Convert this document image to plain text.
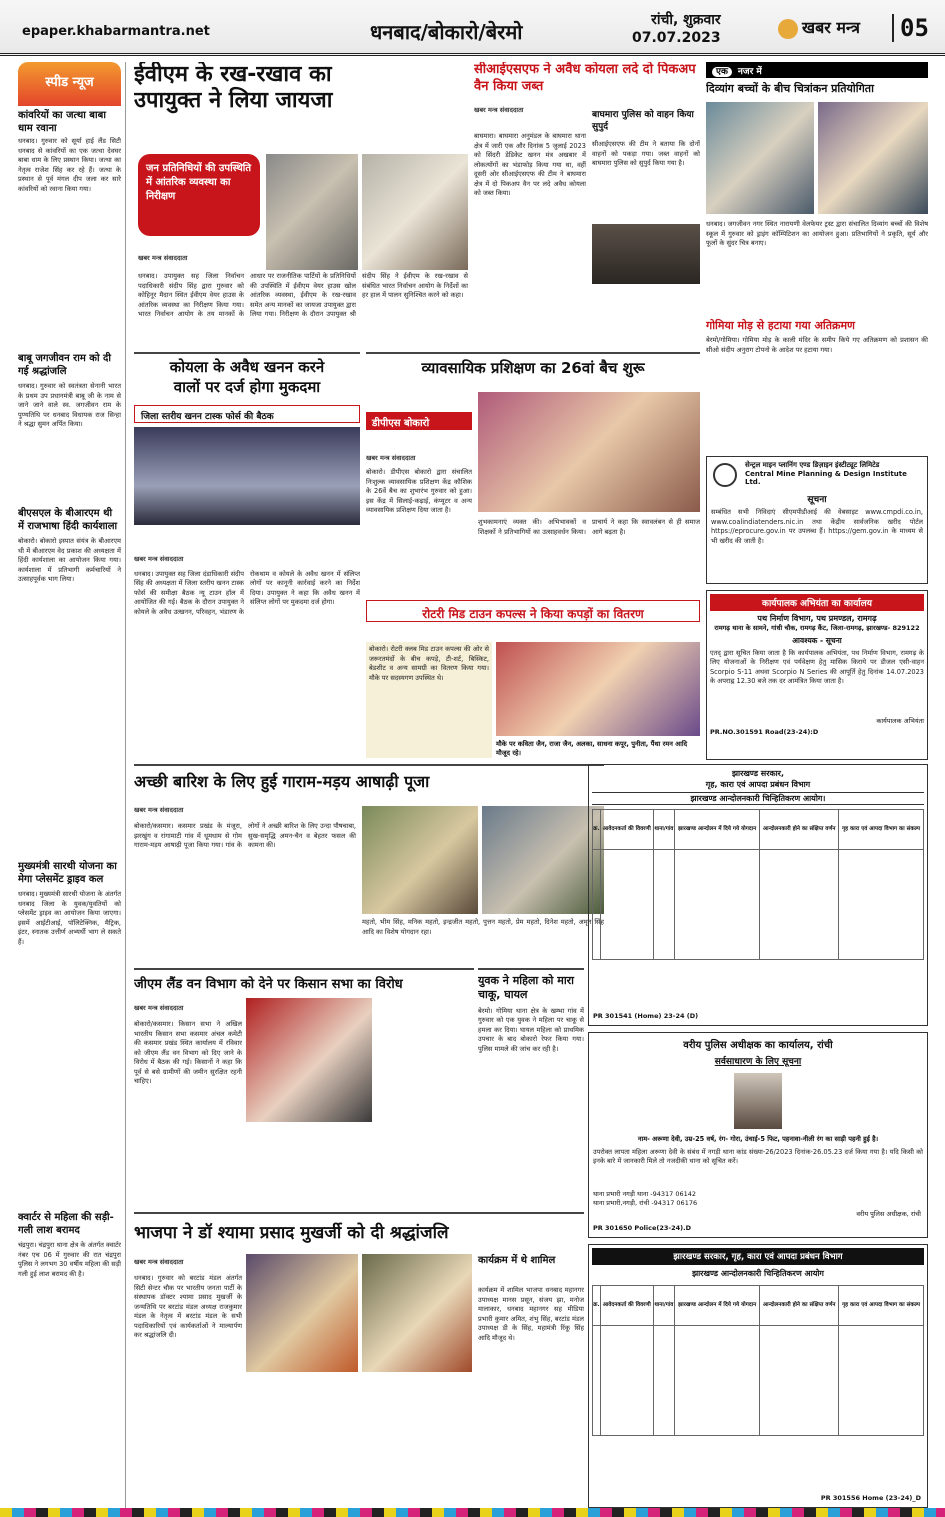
epaper.khabarmantra.net	धनबाद/बोकारो/बेरमो	रांची, शुक्रवार
07.07.2023
खबर मन्त्र	05
स्पीड न्यूज
कांवरियों का जत्था बाबा धाम रवाना
धनबाद। गुरुवार को सूर्या हाई लैंड सिटी धनबाद से कांवरियों का एक जत्था देवघर बाबा धाम के लिए प्रस्थान किया। जत्था का नेतृत्व राजेश सिंह कर रहे हैं। जत्था के प्रस्थान से पूर्व मंगल दीप जला कर सारे कांवरियों को रवाना किया गया।
बाबू जगजीवन राम को दी गई श्रद्धांजलि
धनबाद। गुरुवार को स्वतंत्रता सेनानी भारत के प्रथम उप प्रधानमंत्री बाबू जी के नाम से जाने जाने वाले स्व. जगजीवन राम के पुण्यतिथि पर धनबाद विधायक राज सिन्हा ने श्रद्धा सुमन अर्पित किया।
बीएसएल के बीआरएम थी में राजभाषा हिंदी कार्यशाला
बोकारो। बोकारो इस्पात संयंत्र के बीआरएम थी में बीआरएम वेद प्रकाश की अध्यक्षता में हिंदी कार्यशाला का आयोजन किया गया। कार्यशाला में प्रतिभागी कर्मचारियों ने उत्साहपूर्वक भाग लिया।
मुख्यमंत्री सारथी योजना का मेगा प्लेसमेंट ड्राइव कल
धनबाद। मुख्यमंत्री सारथी योजना के अंतर्गत धनबाद जिला के युवक/युवतियों को प्लेसमेंट ड्राइव का आयोजन किया जाएगा। इसमें आईटीआई, पॉलिटेक्निक, मैट्रिक, इंटर, स्नातक उत्तीर्ण अभ्यर्थी भाग ले सकते हैं।
क्वार्टर से महिला की सड़ी-गली लाश बरामद
चंद्रपुरा। चंद्रपुरा थाना क्षेत्र के अंतर्गत क्वार्टर नंबर एच 06 में गुरुवार की रात चंद्रपुरा पुलिस ने लगभग 30 वर्षीय महिला की सड़ी गली हुई लाश बरामद की है।
ईवीएम के रख-रखाव का
उपायुक्त ने लिया जायजा
जन प्रतिनिधियों की उपस्थिति में आंतरिक व्यवस्था का निरीक्षण
खबर मन्त्र संवाददाता
धनबाद। उपायुक्त सह जिला निर्वाचन पदाधिकारी संदीप सिंह द्वारा गुरुवार को कोहिनूर मैदान स्थित ईवीएम वेयर हाउस के आंतरिक व्यवस्था का निरीक्षण किया गया। भारत निर्वाचन आयोग के तय मानकों के आधार पर राजनीतिक पार्टियों के प्रतिनिधियों की उपस्थिति में ईवीएम वेयर हाउस खोल आंतरिक व्यवस्था, ईवीएम के रख-रखाव समेत अन्य मानकों का जायजा उपायुक्त द्वारा लिया गया। निरीक्षण के दौरान उपायुक्त श्री संदीप सिंह ने ईवीएम के रख-रखाव से संबंधित भारत निर्वाचन आयोग के निर्देशों का हर हाल में पालन सुनिश्चित करने को कहा।
सीआईएसएफ ने अवैध कोयला लदे दो पिकअप वैन किया जब्त
खबर मन्त्र संवाददाता
बाघमारा। बाघमारा अनुमंडल के बाघमारा थाना क्षेत्र में जारी एक और दिनांक 5 जुलाई 2023 को सिंदरी डेडिकेट खनन मंत्र अखबार में लोकत्योंगों का भंडाफोड़ किया गया था, वहीं दूसरी ओर सीआईएसएफ की टीम ने बाघमारा क्षेत्र में दो पिकअप वैन पर लदे अवैध कोयला को जब्त किया।
बाघमारा पुलिस को वाहन किया सुपुर्द
सीआईएसएफ की टीम ने बताया कि दोनों वाहनों को पकड़ा गया। जब्त वाहनों को बाघमारा पुलिस को सुपुर्द किया गया है।
एक नजर में
दिव्यांग बच्चों के बीच चित्रांकन प्रतियोगिता
धनबाद। जगजीवन नगर स्थित नारायणी वेलफेयर ट्रस्ट द्वारा संचालित दिव्यांग बच्चों की विशेष स्कूल में गुरुवार को ड्राइंग कॉम्पिटिशन का आयोजन हुआ। प्रतिभागियों ने प्रकृति, सूर्य और फूलों के सुंदर चित्र बनाए।
गोमिया मोड़ से हटाया गया अतिक्रमण
बेरमो/गोमिया। गोमिया मोड़ के काली मंदिर के समीप किये गए अतिक्रमण को प्रशासन की सीओ संदीप अनुराग टोपनो के आदेश पर हटाया गया।
कोयला के अवैध खनन करने
वालों पर दर्ज होगा मुकदमा
जिला स्तरीय खनन टास्क फोर्स की बैठक
खबर मन्त्र संवाददाता
धनबाद। उपायुक्त सह जिला दंडाधिकारी संदीप सिंह की अध्यक्षता में जिला स्तरीय खनन टास्क फोर्स की समीक्षा बैठक न्यू टाउन हॉल में आयोजित की गई। बैठक के दौरान उपायुक्त ने कोयले के अवैध उत्खनन, परिवहन, भंडारण के रोकथाम व कोयले के अवैध खनन में संलिप्त लोगों पर कानूनी कार्रवाई करने का निर्देश दिया। उपायुक्त ने कहा कि अवैध खनन में संलिप्त लोगों पर मुकदमा दर्ज होगा।
व्यावसायिक प्रशिक्षण का 26वां बैच शुरू
डीपीएस बोकारो
खबर मन्त्र संवाददाता
बोकारो। डीपीएस बोकारो द्वारा संचालित निःशुल्क व्यावसायिक प्रशिक्षण केंद्र कौशिक के 26वें बैच का शुभारंभ गुरुवार को हुआ। इस केंद्र में सिलाई-कढ़ाई, कंप्यूटर व अन्य व्यावसायिक प्रशिक्षण दिया जाता है।
शुभकामनाएं व्यक्त की। अभिभावकों व शिक्षकों ने प्रतिभागियों का उत्साहवर्धन किया। प्राचार्य ने कहा कि स्वावलंबन से ही समाज आगे बढ़ता है।
रोटरी मिड टाउन कपल्स ने किया कपड़ों का वितरण
बोकारो। रोटरी क्लब मिड टाउन कपल्स की ओर से जरूरतमंदों के बीच कपड़े, टी-शर्ट, बिस्किट, बेडशीट व अन्य सामग्री का वितरण किया गया। मौके पर सदस्यगण उपस्थित थे।
मौके पर कविता जैन, राजा जैन, अलका, साधना कपूर, पुनीता, पैंथा रमन आदि मौजूद रहे।
सेन्ट्रल माइन प्लानिंग एण्ड डिज़ाइन इंस्टीट्यूट लिमिटेड
Central Mine Planning & Design Institute Ltd.
सूचना
सम्बंधित सभी निविदाएं सीएमपीडीआई की वेबसाइट www.cmpdi.co.in, www.coalindiatenders.nic.in तथा केंद्रीय सार्वजनिक खरीद पोर्टल https://eprocure.gov.in पर उपलब्ध हैं। https://gem.gov.in के माध्यम से भी खरीद की जाती है।
कार्यपालक अभियंता का कार्यालय
पथ निर्माण विभाग, पथ प्रमण्डल, रामगढ़
रामगढ़ थाना के सामने, गांधी चौक, रामगढ़ कैंट, जिला-रामगढ़, झारखण्ड- 829122
आवश्यक - सूचना
एतद् द्वारा सूचित किया जाता है कि कार्यपालक अभियंता, पथ निर्माण विभाग, रामगढ़ के लिए योजनाओं के निरीक्षण एवं पर्यवेक्षण हेतु मासिक किराये पर डीजल एसी-वाहन Scorpio S-11 अथवा Scorpio N Series की आपूर्ति हेतु दिनांक 14.07.2023 के अपराह्न 12.30 बजे तक दर आमंत्रित किया जाता है।
कार्यपालक अभियंता
PR.NO.301591 Road(23-24):D
अच्छी बारिश के लिए हुई गाराम-मड़य आषाढ़ी पूजा
खबर मन्त्र संवाददाता
बोकारो/कसमार। कसमार प्रखंड के मंजूरा, झरखुंग व रांगामाटी गांव में धूमधाम से गोम गाराम-मड़य आषाढ़ी पूजा किया गया। गांव के लोगों ने अच्छी बारिश के लिए उन्दा पौषचाबा, सुख-समृद्धि अमन-चैन व बेहतर फसल की कामना की।
महतो, भीम सिंह, मनिक महतो, इन्द्रजीत महतो, पुत्तन महतो, प्रेम महतो, दिनेश महतो, अमृत सिंह आदि का विशेष योगदान रहा।
झारखण्ड सरकार,
गृह, कारा एवं आपदा प्रबंधन विभाग
झारखण्ड आन्दोलनकारी चिन्हितिकरण आयोग।
क्र.	आवेदनकर्ता की विवरणी	थाना/गांव	झारखण्ड आन्दोलन में दिये गये योगदान	आन्दोलनकारी होने का संक्षिप्त वर्णन	गृह कारा एवं आपदा विभाग का संकल्प

PR 301541 (Home) 23-24 (D)
जीएम लैंड वन विभाग को देने पर किसान सभा का विरोध
खबर मन्त्र संवाददाता
बोकारो/कसमार। किसान सभा ने अखिल भारतीय किसान सभा कसमार अंचल कमेटी की कसमार प्रखंड स्थित कार्यालय में रविवार को जीएम लैंड वन विभाग को दिए जाने के विरोध में बैठक की गई। किसानों ने कहा कि पूर्व से बसे ग्रामीणों की जमीन सुरक्षित रहनी चाहिए।
युवक ने महिला को मारा चाकू, घायल
बेरमो। गोमिया थाना क्षेत्र के खम्भा गांव में गुरुवार को एक युवक ने महिला पर चाकू से हमला कर दिया। घायल महिला को प्राथमिक उपचार के बाद बोकारो रेफर किया गया। पुलिस मामले की जांच कर रही है।	वरीय पुलिस अधीक्षक का कार्यालय, रांची
सर्वसाधारण के लिए सूचना
नाम- अरूणा देवी, उम्र-25 वर्ष, रंग- गोरा, उंचाई-5 फिट, पहनावा-नीली रंग का साड़ी पहनी हुई है।
उपरोक्त लापता महिला अरूणा देवी के संबंध में नगड़ी थाना कांड संख्या-26/2023 दिनांक-26.05.23 दर्ज किया गया है। यदि किसी को इनके बारे में जानकारी मिले तो नजदीकी थाना को सूचित करें।
थाना प्रभारी नगड़ी थाना -94317 06142
थाना प्रभारी,नगड़ी, रांची -94317 06176
वरीय पुलिस अधीक्षक, रांची
PR 301650 Police(23-24).D
भाजपा ने डॉ श्यामा प्रसाद मुखर्जी को दी श्रद्धांजलि
खबर मन्त्र संवाददाता
धनबाद। गुरुवार को बरटांड मंडल अंतर्गत सिटी सेन्टर चौक पर भारतीय जनता पार्टी के संस्थापक डॉक्टर श्यामा प्रसाद मुखर्जी के जन्मतिथि पर बरटांड मंडल अध्यक्ष राजकुमार मंडल के नेतृत्व में बरटांड मंडल के सभी पदाधिकारियों एवं कार्यकर्ताओं ने माल्यार्पण कर श्रद्धांजलि दी।
कार्यक्रम में थे शामिल
कार्यक्रम में शामिल भाजपा धनबाद महानगर उपाध्यक्ष मानस प्रसून, संजय झा, मनोज मालाकार, धनबाद महानगर सह मीडिया प्रभारी कुमार अमित, शंभु सिंह, बरटांड मंडल उपाध्यक्ष डी के सिंह, महामंत्री रिंकू सिंह आदि मौजूद थे।
झारखण्ड सरकार, गृह, कारा एवं आपदा प्रबंधन विभाग
झारखण्ड आन्दोलनकारी चिन्हितिकरण आयोग
क्र.	आवेदनकर्ता की विवरणी	थाना/गांव	झारखण्ड आन्दोलन में दिये गये योगदान	आन्दोलनकारी होने का संक्षिप्त वर्णन	गृह कारा एवं आपदा विभाग का संकल्प

PR 301556 Home (23-24)_D
